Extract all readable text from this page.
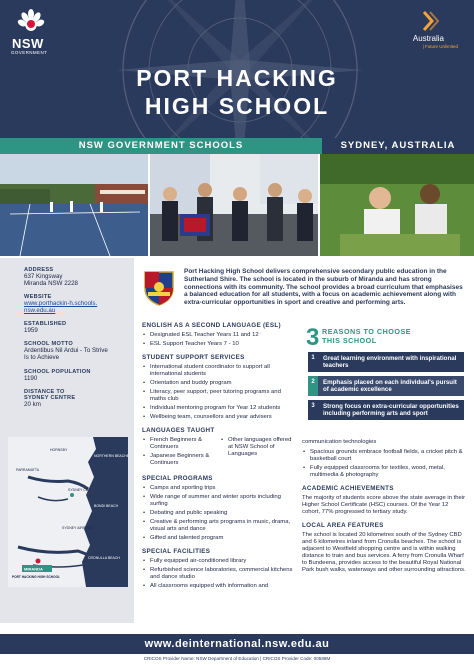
NSW
GOVERNMENT
Australia
| Future Unlimited
PORT HACKING
HIGH SCHOOL
NSW GOVERNMENT SCHOOLS	SYDNEY, AUSTRALIA
ADDRESS
637 Kingsway
Miranda NSW 2228
WEBSITE
www.porthackin-h.schools.
nsw.edu.au
ESTABLISHED
1959
SCHOOL MOTTO
Ardentibus Nil Ardui - To Strive
Is to Achieve
SCHOOL POPULATION
1190
DISTANCE TO
SYDNEY CENTRE
20 km
MIRANDA
PORT HACKING HIGH SCHOOL
NORTHERN BEACHES
SYDNEY CBD
BONDI BEACH
SYDNEY AIRPORT
CRONULLA BEACH
HORNSBY
PARRAMATTA
Port Hacking High School delivers comprehensive secondary public education in the Sutherland Shire. The school is located in the suburb of Miranda and has strong connections with its community. The school provides a broad curriculum that emphasises a balanced education for all students, with a focus on academic achievement along with extra-curricular opportunities in sport and creative and performing arts.
ENGLISH AS A SECOND LANGUAGE (ESL)
• Designated ESL Teacher Years 11 and 12
• ESL Support Teacher Years 7 - 10
STUDENT SUPPORT SERVICES
• International student coordinator to support all international students
• Orientation and buddy program
• Literacy, peer support, peer tutoring programs and maths club
• Individual mentoring program for Year 12 students
• Wellbeing team, counsellors and year advisers
LANGUAGES TAUGHT
• French Beginners & Continuers
• Japanese Beginners & Continuers
• Other languages offered at NSW School of Languages
SPECIAL PROGRAMS
• Camps and sporting trips
• Wide range of summer and winter sports including surfing
• Debating and public speaking
• Creative & performing arts programs in music, drama, visual arts and dance
• Gifted and talented program
SPECIAL FACILITIES
• Fully equipped air-conditioned library
• Refurbished science laboratories, commercial kitchens and dance studio
• All classrooms equipped with information and
3 REASONS TO CHOOSE
THIS SCHOOL
1	Great learning environment with inspirational teachers
2	Emphasis placed on each individual's pursuit of academic excellence
3	Strong focus on extra-curricular opportunities including performing arts and sport
communication technologies
• Spacious grounds embrace football fields, a cricket pitch & basketball court
• Fully equipped classrooms for textiles, wood, metal, multimedia & photography
ACADEMIC ACHIEVEMENTS
The majority of students score above the state average in their Higher School Certificate (HSC) courses. Of the Year 12 cohort, 77% progressed to tertiary study.
LOCAL AREA FEATURES
The school is located 20 kilometres south of the Sydney CBD and 6 kilometres inland from Cronulla beaches. The school is adjacent to Westfield shopping centre and is within walking distance to train and bus services. A ferry from Cronulla Wharf to Bundeena, provides access to the beautiful Royal National Park bush walks, waterways and other surrounding attractions.
www.deinternational.nsw.edu.au
CRICOS Provider Name: NSW Department of Education | CRICOS Provider Code: 00588M
